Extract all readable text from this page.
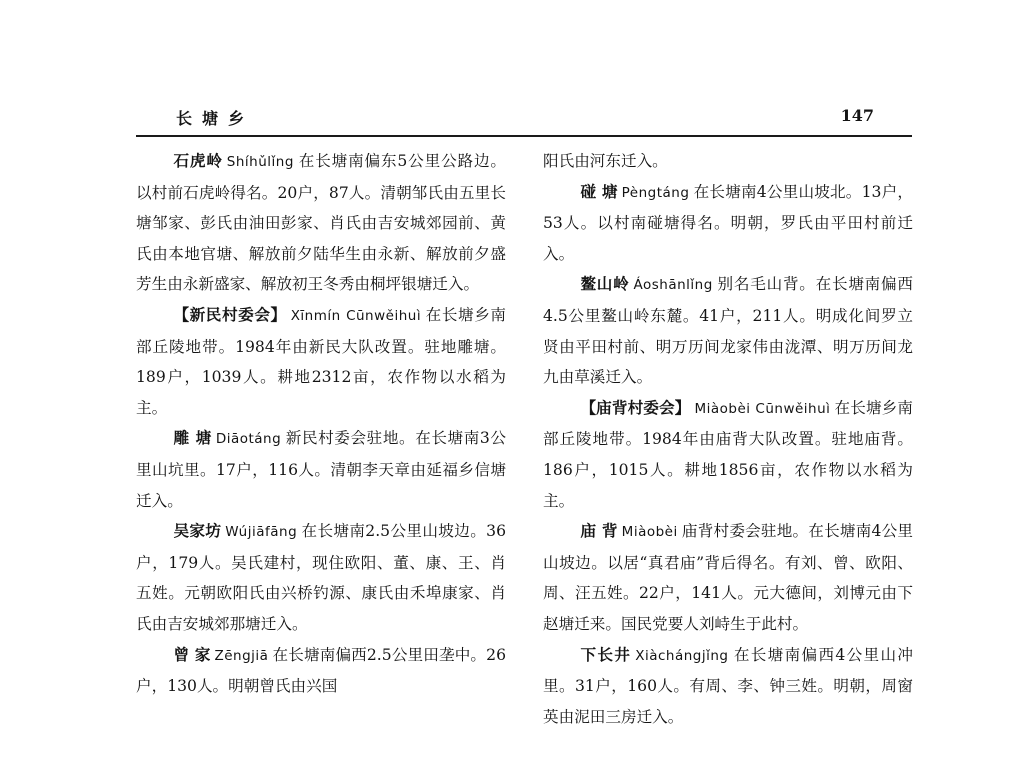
长塘乡	147

石虎岭 Shíhǔlǐng 在长塘南偏东5公里公路边。以村前石虎岭得名。20户，87人。清朝邹氏由五里长塘邹家、彭氏由油田彭家、肖氏由吉安城郊园前、黄氏由本地官塘、解放前夕陆华生由永新、解放前夕盛芳生由永新盛家、解放初王冬秀由桐坪银塘迁入。

【新民村委会】 Xīnmín Cūnwěihuì 在长塘乡南部丘陵地带。1984年由新民大队改置。驻地雕塘。189户，1039人。耕地2312亩，农作物以水稻为主。

雕 塘 Diāotáng 新民村委会驻地。在长塘南3公里山坑里。17户，116人。清朝李天章由延福乡信塘迁入。

吴家坊 Wújiāfāng 在长塘南2.5公里山坡边。36户，179人。吴氏建村，现住欧阳、董、康、王、肖五姓。元朝欧阳氏由兴桥钓源、康氏由禾埠康家、肖氏由吉安城郊那塘迁入。

曾 家 Zēngjiā 在长塘南偏西2.5公里田垄中。26户，130人。明朝曾氏由兴国

阳氏由河东迁入。

碰 塘 Pèngtáng 在长塘南4公里山坡北。13户，53人。以村南碰塘得名。明朝，罗氏由平田村前迁入。

鳌山岭 Áoshānlǐng 别名毛山背。在长塘南偏西4.5公里鳌山岭东麓。41户，211人。明成化间罗立贤由平田村前、明万历间龙家伟由泷潭、明万历间龙九由草溪迁入。

【庙背村委会】 Miàobèi Cūnwěihuì 在长塘乡南部丘陵地带。1984年由庙背大队改置。驻地庙背。186户，1015人。耕地1856亩，农作物以水稻为主。

庙 背 Miàobèi 庙背村委会驻地。在长塘南4公里山坡边。以居“真君庙”背后得名。有刘、曾、欧阳、周、汪五姓。22户，141人。元大德间，刘博元由下赵塘迁来。国民党要人刘峙生于此村。

下长井 Xiàchángjǐng 在长塘南偏西4公里山冲里。31户，160人。有周、李、钟三姓。明朝，周窗英由泥田三房迁入。
